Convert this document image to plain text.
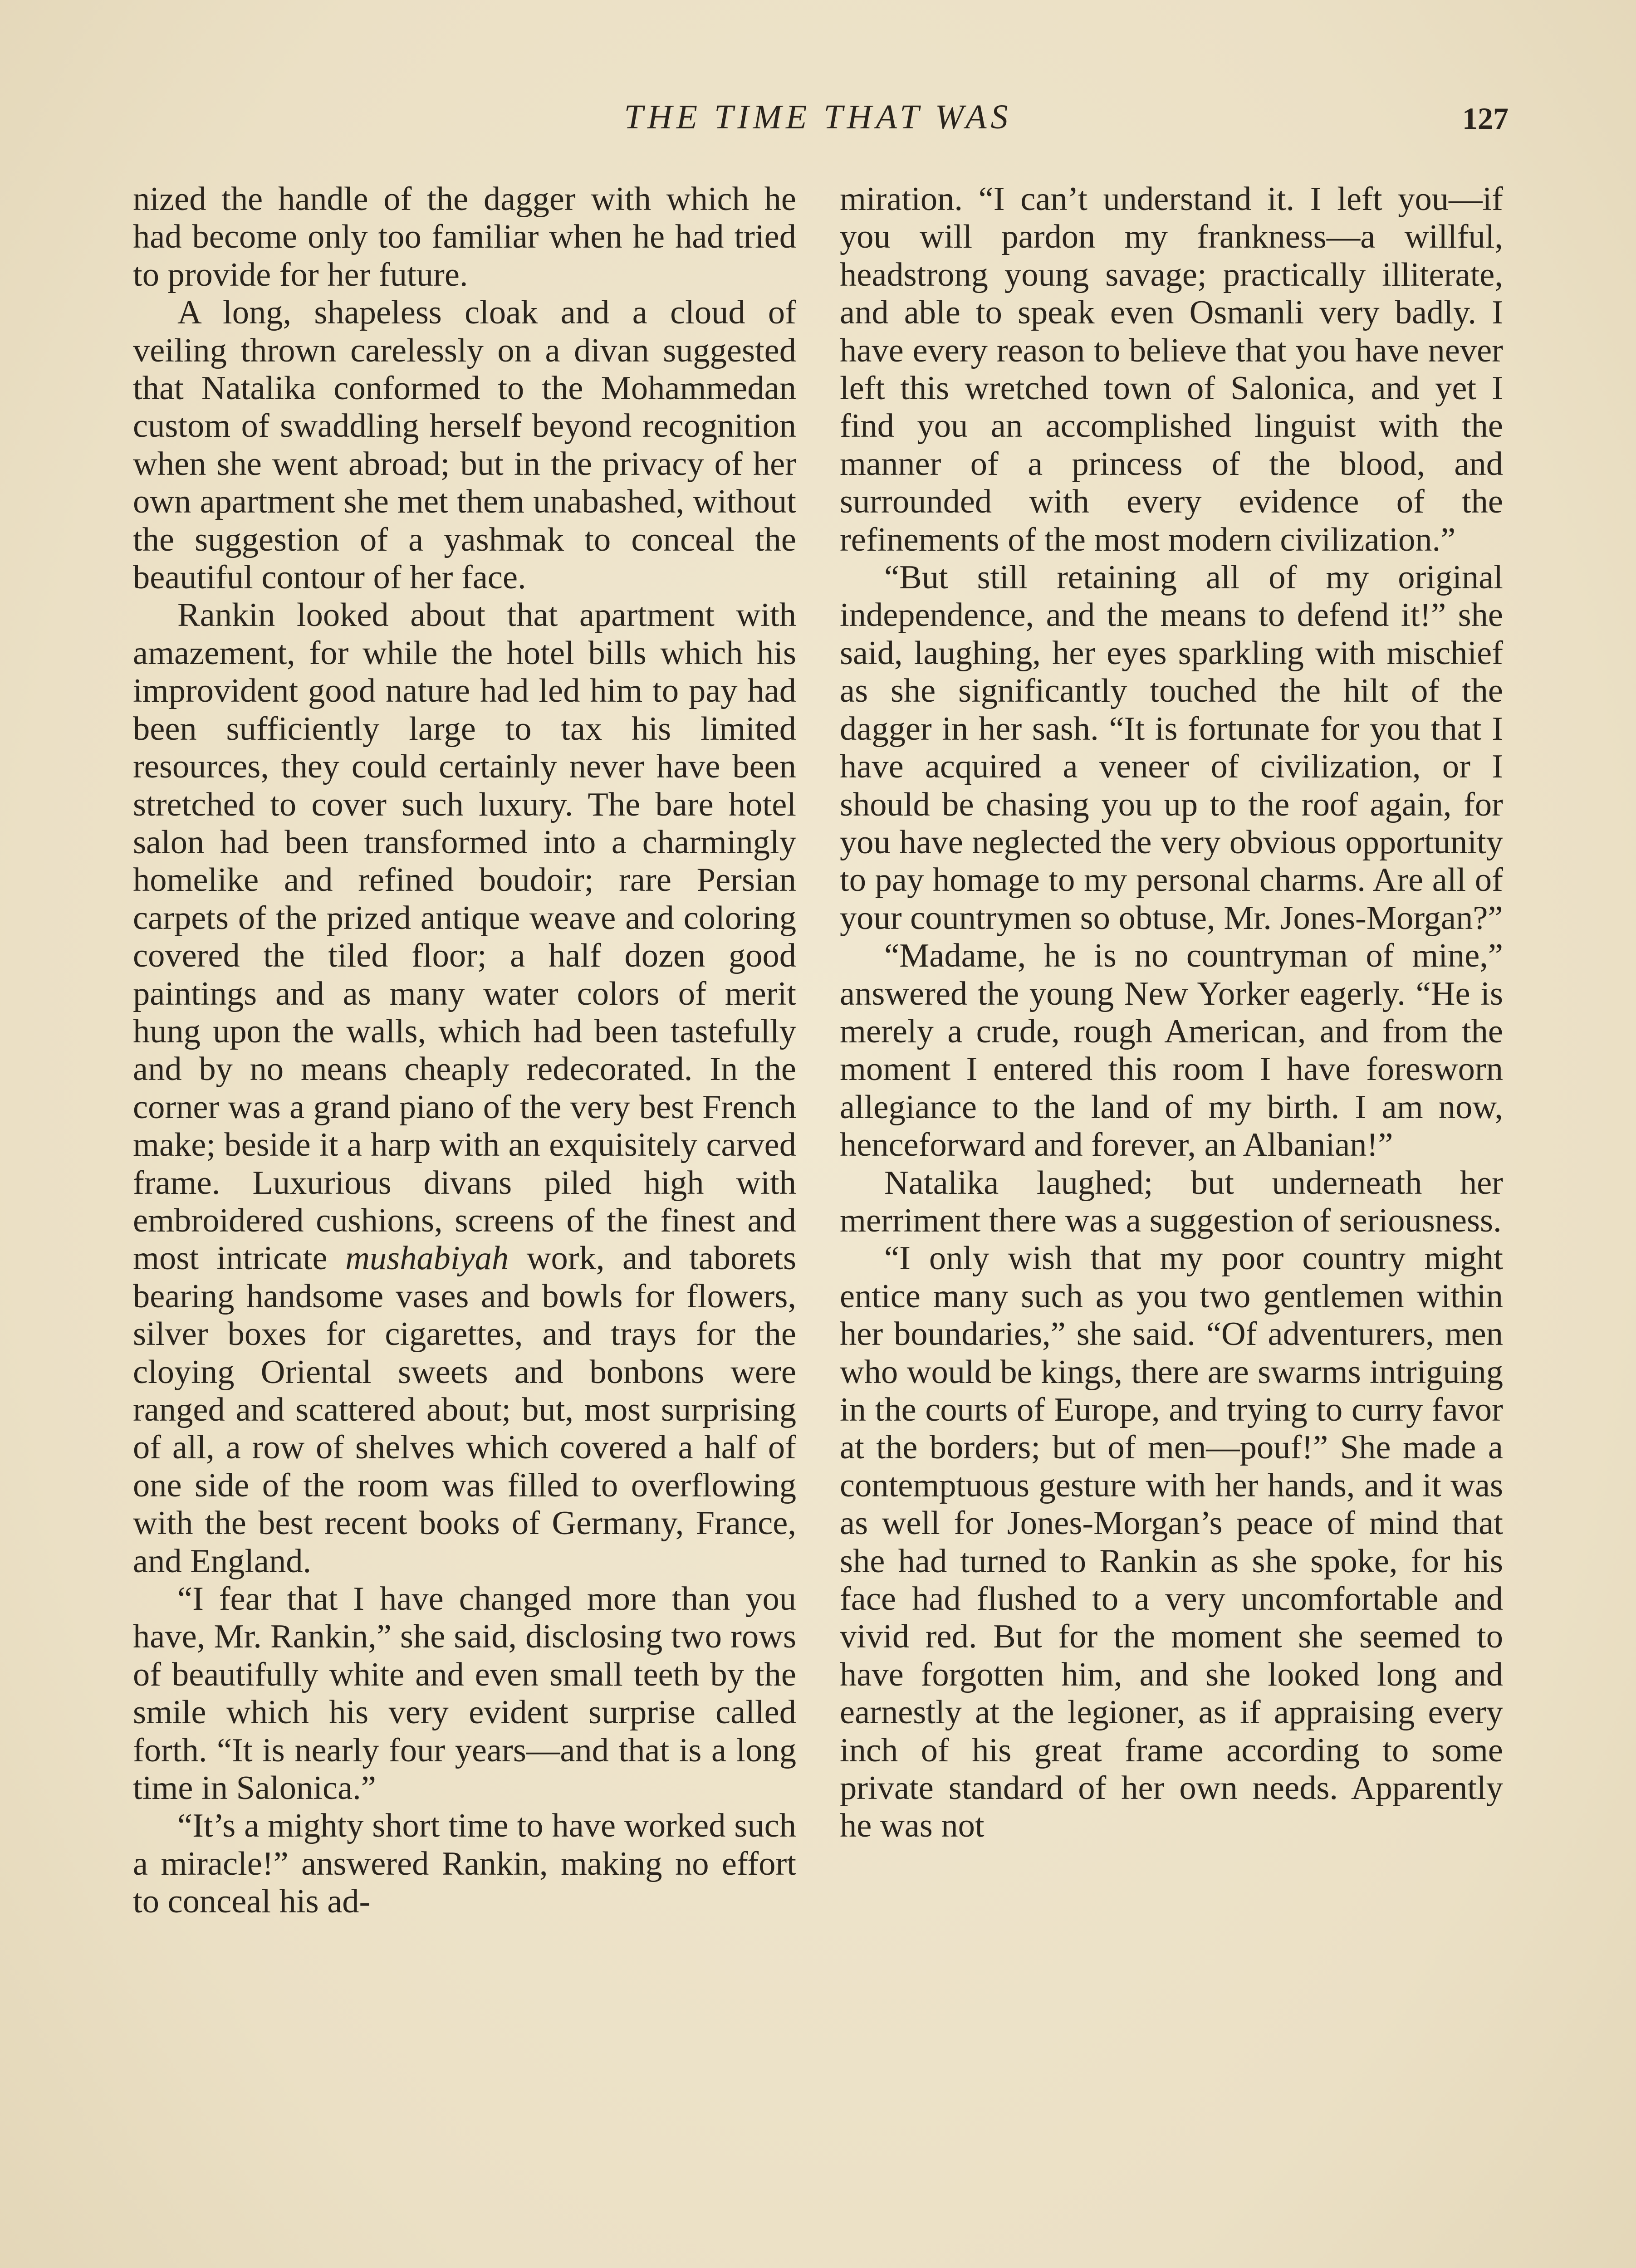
THE TIME THAT WAS	127

nized the handle of the dagger with which he had become only too familiar when he had tried to provide for her future.

A long, shapeless cloak and a cloud of veiling thrown carelessly on a divan suggested that Natalika conformed to the Mohammedan custom of swaddling herself beyond recognition when she went abroad; but in the privacy of her own apartment she met them unabashed, without the suggestion of a yashmak to conceal the beautiful contour of her face.

Rankin looked about that apartment with amazement, for while the hotel bills which his improvident good nature had led him to pay had been sufficiently large to tax his limited resources, they could certainly never have been stretched to cover such luxury. The bare hotel salon had been transformed into a charmingly homelike and refined boudoir; rare Persian carpets of the prized antique weave and coloring covered the tiled floor; a half dozen good paintings and as many water colors of merit hung upon the walls, which had been tastefully and by no means cheaply redecorated. In the corner was a grand piano of the very best French make; beside it a harp with an exquisitely carved frame. Luxurious divans piled high with embroidered cushions, screens of the finest and most intricate mushabiyah work, and taborets bearing handsome vases and bowls for flowers, silver boxes for cigarettes, and trays for the cloying Oriental sweets and bonbons were ranged and scattered about; but, most surprising of all, a row of shelves which covered a half of one side of the room was filled to overflowing with the best recent books of Germany, France, and England.

“I fear that I have changed more than you have, Mr. Rankin,” she said, disclosing two rows of beautifully white and even small teeth by the smile which his very evident surprise called forth. “It is nearly four years—and that is a long time in Salonica.”

“It’s a mighty short time to have worked such a miracle!” answered Rankin, making no effort to conceal his ad-

miration. “I can’t understand it. I left you—if you will pardon my frankness—a willful, headstrong young savage; practically illiterate, and able to speak even Osmanli very badly. I have every reason to believe that you have never left this wretched town of Salonica, and yet I find you an accomplished linguist with the manner of a princess of the blood, and surrounded with every evidence of the refinements of the most modern civilization.”

“But still retaining all of my original independence, and the means to defend it!” she said, laughing, her eyes sparkling with mischief as she significantly touched the hilt of the dagger in her sash. “It is fortunate for you that I have acquired a veneer of civilization, or I should be chasing you up to the roof again, for you have neglected the very obvious opportunity to pay homage to my personal charms. Are all of your countrymen so obtuse, Mr. Jones-Morgan?”

“Madame, he is no countryman of mine,” answered the young New Yorker eagerly. “He is merely a crude, rough American, and from the moment I entered this room I have foresworn allegiance to the land of my birth. I am now, henceforward and forever, an Albanian!”

Natalika laughed; but underneath her merriment there was a suggestion of seriousness.

“I only wish that my poor country might entice many such as you two gentlemen within her boundaries,” she said. “Of adventurers, men who would be kings, there are swarms intriguing in the courts of Europe, and trying to curry favor at the borders; but of men—pouf!” She made a contemptuous gesture with her hands, and it was as well for Jones-Morgan’s peace of mind that she had turned to Rankin as she spoke, for his face had flushed to a very uncomfortable and vivid red. But for the moment she seemed to have forgotten him, and she looked long and earnestly at the legioner, as if appraising every inch of his great frame according to some private standard of her own needs. Apparently he was not
